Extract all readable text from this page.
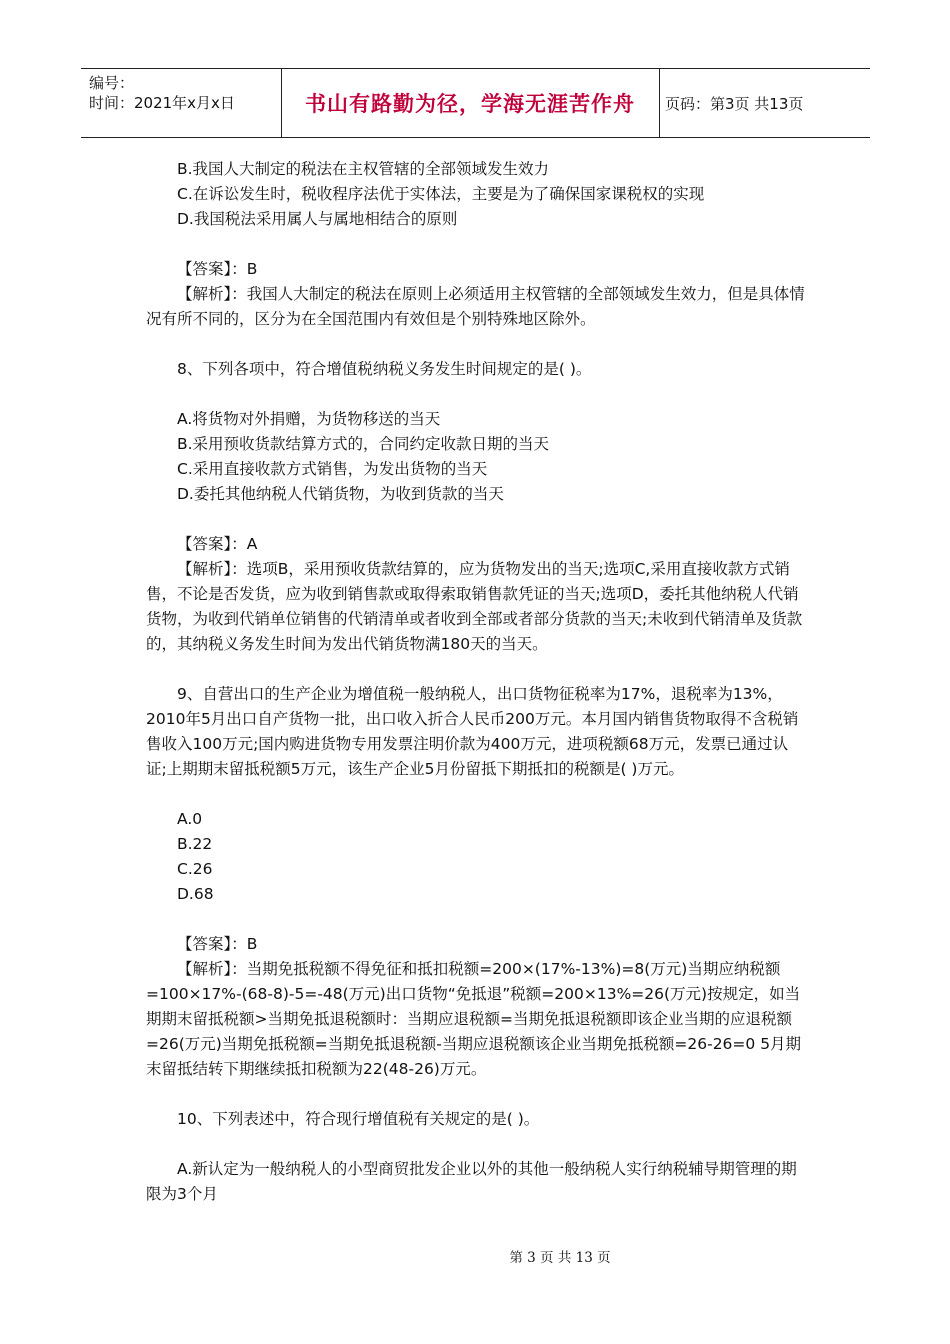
编号：
时间：2021年x月x日	书山有路勤为径，学海无涯苦作舟	页码：第3页 共13页

B.我国人大制定的税法在主权管辖的全部领域发生效力

C.在诉讼发生时，税收程序法优于实体法，主要是为了确保国家课税权的实现

D.我国税法采用属人与属地相结合的原则

【答案】：B

【解析】：我国人大制定的税法在原则上必须适用主权管辖的全部领域发生效力，但是具体情况有所不同的，区分为在全国范围内有效但是个别特殊地区除外。

8、下列各项中，符合增值税纳税义务发生时间规定的是( )。

A.将货物对外捐赠，为货物移送的当天

B.采用预收货款结算方式的，合同约定收款日期的当天

C.采用直接收款方式销售，为发出货物的当天

D.委托其他纳税人代销货物，为收到货款的当天

【答案】：A

【解析】：选项B，采用预收货款结算的，应为货物发出的当天;选项C,采用直接收款方式销售，不论是否发货，应为收到销售款或取得索取销售款凭证的当天;选项D，委托其他纳税人代销货物，为收到代销单位销售的代销清单或者收到全部或者部分货款的当天;未收到代销清单及货款的，其纳税义务发生时间为发出代销货物满180天的当天。

9、自营出口的生产企业为增值税一般纳税人，出口货物征税率为17%，退税率为13%，2010年5月出口自产货物一批，出口收入折合人民币200万元。本月国内销售货物取得不含税销售收入100万元;国内购进货物专用发票注明价款为400万元，进项税额68万元，发票已通过认证;上期期末留抵税额5万元，该生产企业5月份留抵下期抵扣的税额是( )万元。

A.0

B.22

C.26

D.68

【答案】：B

【解析】：当期免抵税额不得免征和抵扣税额=200×(17%-13%)=8(万元)当期应纳税额=100×17%-(68-8)-5=-48(万元)出口货物“免抵退”税额=200×13%=26(万元)按规定，如当期期末留抵税额>当期免抵退税额时：当期应退税额=当期免抵退税额即该企业当期的应退税额=26(万元)当期免抵税额=当期免抵退税额-当期应退税额该企业当期免抵税额=26-26=0 5月期末留抵结转下期继续抵扣税额为22(48-26)万元。

10、下列表述中，符合现行增值税有关规定的是( )。

A.新认定为一般纳税人的小型商贸批发企业以外的其他一般纳税人实行纳税辅导期管理的期限为3个月

第 3 页 共 13 页
